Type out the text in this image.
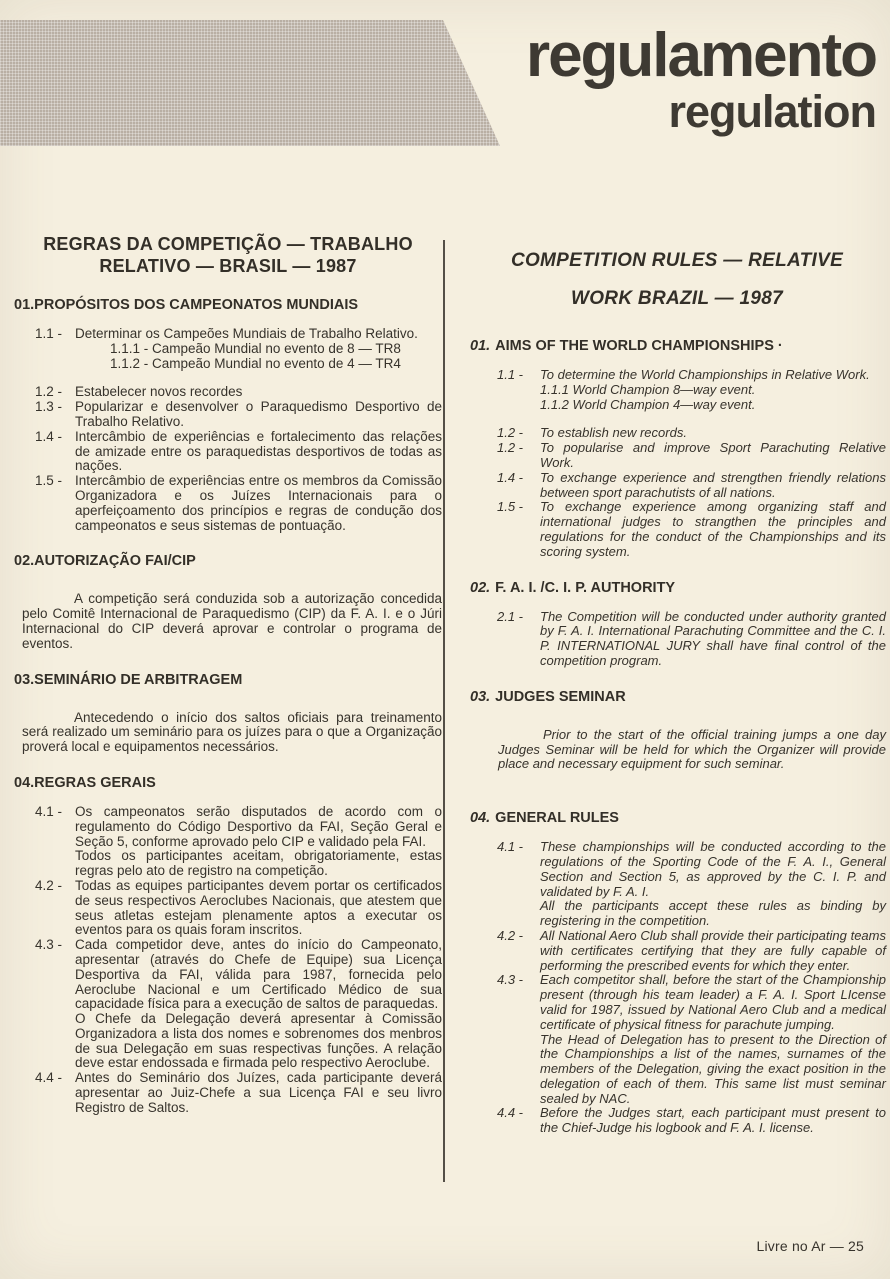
regulamento
regulation
REGRAS DA COMPETIÇÃO — TRABALHO
RELATIVO — BRASIL — 1987
01.PROPÓSITOS DOS CAMPEONATOS MUNDIAIS
1.1 - Determinar os Campeões Mundiais de Trabalho Relativo.

1.1.1 - Campeão Mundial no evento de 8 — TR8

1.1.2 - Campeão Mundial no evento de 4 — TR4

1.2 - Estabelecer novos recordes

1.3 - Popularizar e desenvolver o Paraquedismo Desportivo de Trabalho Relativo.

1.4 - Intercâmbio de experiências e fortalecimento das relações de amizade entre os paraquedistas desportivos de todas as nações.

1.5 - Intercâmbio de experiências entre os membros da Comissão Organizadora e os Juízes Internacionais para o aperfeiçoamento dos princípios e regras de condução dos campeonatos e seus sistemas de pontuação.

02.AUTORIZAÇÃO FAI/CIP

A competição será conduzida sob a autorização concedida pelo Comitê Internacional de Paraquedismo (CIP) da F. A. I. e o Júri Internacional do CIP deverá aprovar e controlar o programa de eventos.

03.SEMINÁRIO DE ARBITRAGEM

Antecedendo o início dos saltos oficiais para treinamento será realizado um seminário para os juízes para o que a Organização proverá local e equipamentos necessários.

04.REGRAS GERAIS
4.1 - Os campeonatos serão disputados de acordo com o regulamento do Código Desportivo da FAI, Seção Geral e Seção 5, conforme aprovado pelo CIP e validado pela FAI.

Todos os participantes aceitam, obrigatoriamente, estas regras pelo ato de registro na competição.

4.2 - Todas as equipes participantes devem portar os certificados de seus respectivos Aeroclubes Nacionais, que atestem que seus atletas estejam plenamente aptos a executar os eventos para os quais foram inscritos.

4.3 - Cada competidor deve, antes do início do Campeonato, apresentar (através do Chefe de Equipe) sua Licença Desportiva da FAI, válida para 1987, fornecida pelo Aeroclube Nacional e um Certificado Médico de sua capacidade física para a execução de saltos de paraquedas.

O Chefe da Delegação deverá apresentar à Comissão Organizadora a lista dos nomes e sobrenomes dos menbros de sua Delegação em suas respectivas funções. A relação deve estar endossada e firmada pelo respectivo Aeroclube.

4.4 - Antes do Seminário dos Juízes, cada participante deverá apresentar ao Juiz-Chefe a sua Licença FAI e seu livro Registro de Saltos.

COMPETITION RULES — RELATIVE
WORK BRAZIL — 1987
01. AIMS OF THE WORLD CHAMPIONSHIPS ·
1.1 -	To determine the World Championships in Relative Work.

1.1.1 World Champion 8—way event.

1.1.2 World Champion 4—way event.

1.2 -	To establish new records.

1.2 -	To popularise and improve Sport Parachuting Relative Work.

1.4 -	To exchange experience and strengthen friendly relations between sport parachutists of all nations.

1.5 -	To exchange experience among organizing staff and international judges to strangthen the principles and regulations for the conduct of the Championships and its scoring system.

02. F. A. I. /C. I. P. AUTHORITY
2.1 -	The Competition will be conducted under authority granted by F. A. I. International Parachuting Committee and the C. I. P. INTERNATIONAL JURY shall have final control of the competition program.

03. JUDGES SEMINAR

Prior to the start of the official training jumps a one day Judges Seminar will be held for which the Organizer will provide place and necessary equipment for such seminar.

04. GENERAL RULES
4.1 -	These championships will be conducted according to the regulations of the Sporting Code of the F. A. I., General Section and Section 5, as approved by the C. I. P. and validated by F. A. I.

All the participants accept these rules as binding by registering in the competition.

4.2 -	All National Aero Club shall provide their participating teams with certificates certifying that they are fully capable of performing the prescribed events for which they enter.

4.3 -	Each competitor shall, before the start of the Championship present (through his team leader) a F. A. I. Sport LIcense valid for 1987, issued by National Aero Club and a medical certificate of physical fitness for parachute jumping.

The Head of Delegation has to present to the Direction of the Championships a list of the names, surnames of the members of the Delegation, giving the exact position in the delegation of each of them. This same list must seminar sealed by NAC.

4.4 -	Before the Judges start, each participant must present to the Chief-Judge his logbook and F. A. I. license.

Livre no Ar — 25
